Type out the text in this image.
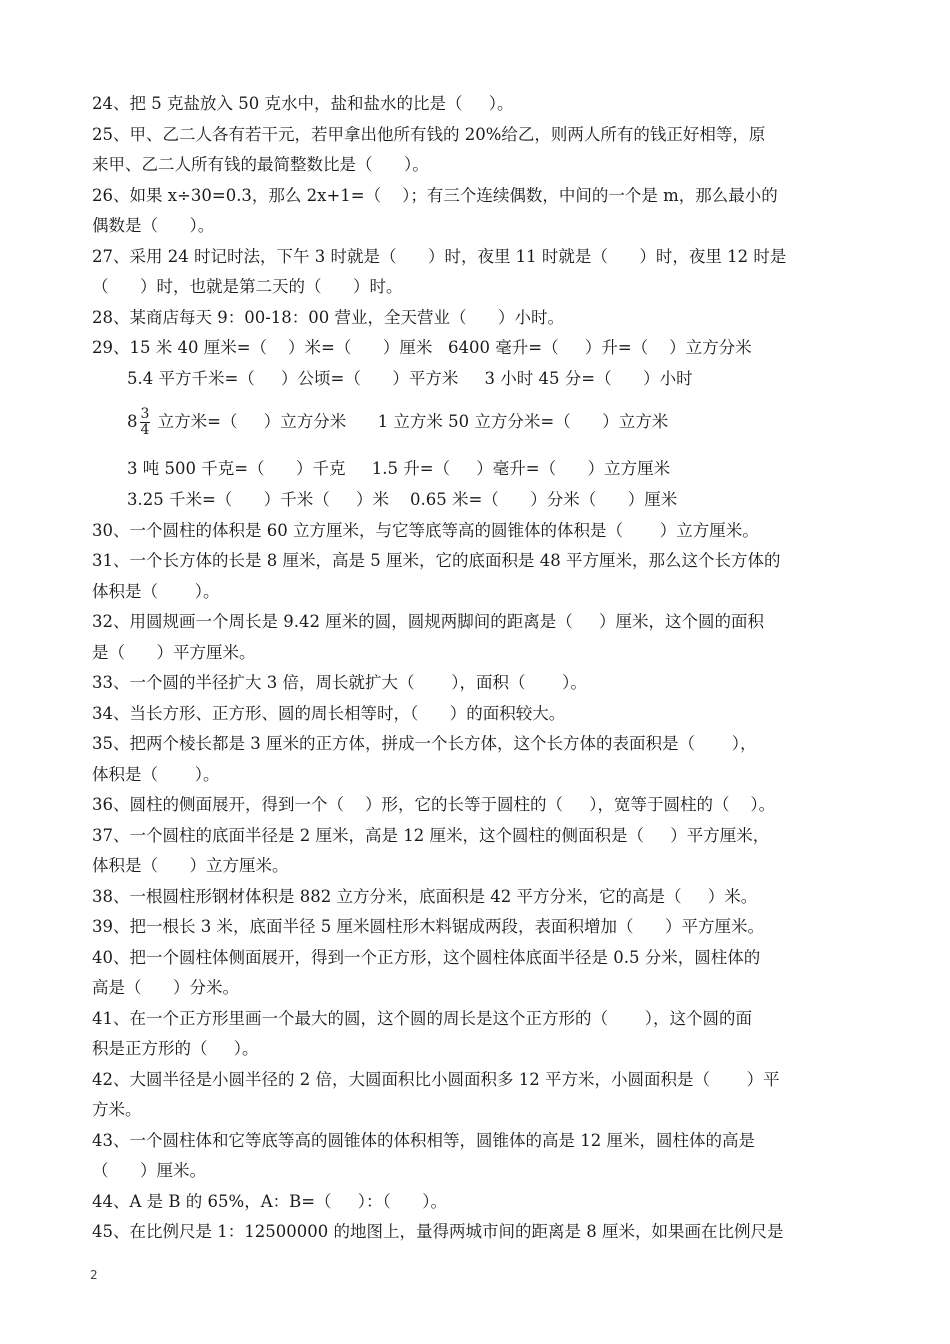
24、把 5 克盐放入 50 克水中，盐和盐水的比是（     ）。
25、甲、乙二人各有若干元，若甲拿出他所有钱的 20%给乙，则两人所有的钱正好相等，原
来甲、乙二人所有钱的最简整数比是（      ）。
26、如果 x÷30=0.3，那么 2x+1=（    ）；有三个连续偶数，中间的一个是 m，那么最小的
偶数是（      ）。
27、采用 24 时记时法，下午 3 时就是（      ）时，夜里 11 时就是（      ）时，夜里 12 时是
（      ）时，也就是第二天的（      ）时。
28、某商店每天 9：00-18：00 营业，全天营业（      ）小时。
29、15 米 40 厘米=（    ）米=（      ）厘米   6400 毫升=（     ）升=（    ）立方分米
5.4 平方千米=（     ）公顷=（      ）平方米     3 小时 45 分=（      ）小时
$8 \frac{3}{4}$ 立方米=（     ）立方分米      1 立方米 50 立方分米=（      ）立方米
3 吨 500 千克=（      ）千克     1.5 升=（     ）毫升=（      ）立方厘米
3.25 千米=（      ）千米（     ）米    0.65 米=（      ）分米（      ）厘米
30、一个圆柱的体积是 60 立方厘米，与它等底等高的圆锥体的体积是（       ）立方厘米。
31、一个长方体的长是 8 厘米，高是 5 厘米，它的底面积是 48 平方厘米，那么这个长方体的
体积是（       ）。
32、用圆规画一个周长是 9.42 厘米的圆，圆规两脚间的距离是（     ）厘米，这个圆的面积
是（      ）平方厘米。
33、一个圆的半径扩大 3 倍，周长就扩大（       ），面积（       ）。
34、当长方形、正方形、圆的周长相等时，（      ）的面积较大。
35、把两个棱长都是 3 厘米的正方体，拼成一个长方体，这个长方体的表面积是（       ），
体积是（       ）。
36、圆柱的侧面展开，得到一个（    ）形，它的长等于圆柱的（     ），宽等于圆柱的（    ）。
37、一个圆柱的底面半径是 2 厘米，高是 12 厘米，这个圆柱的侧面积是（     ）平方厘米，
体积是（      ）立方厘米。
38、一根圆柱形钢材体积是 882 立方分米，底面积是 42 平方分米，它的高是（     ）米。
39、把一根长 3 米，底面半径 5 厘米圆柱形木料锯成两段，表面积增加（      ）平方厘米。
40、把一个圆柱体侧面展开，得到一个正方形，这个圆柱体底面半径是 0.5 分米，圆柱体的
高是（      ）分米。
41、在一个正方形里画一个最大的圆，这个圆的周长是这个正方形的（       ），这个圆的面
积是正方形的（     ）。
42、大圆半径是小圆半径的 2 倍，大圆面积比小圆面积多 12 平方米，小圆面积是（       ）平
方米。
43、一个圆柱体和它等底等高的圆锥体的体积相等，圆锥体的高是 12 厘米，圆柱体的高是
（      ）厘米。
44、A 是 B 的 65%，A：B=（     ）：（      ）。
45、在比例尺是 1：12500000 的地图上，量得两城市间的距离是 8 厘米，如果画在比例尺是
2
